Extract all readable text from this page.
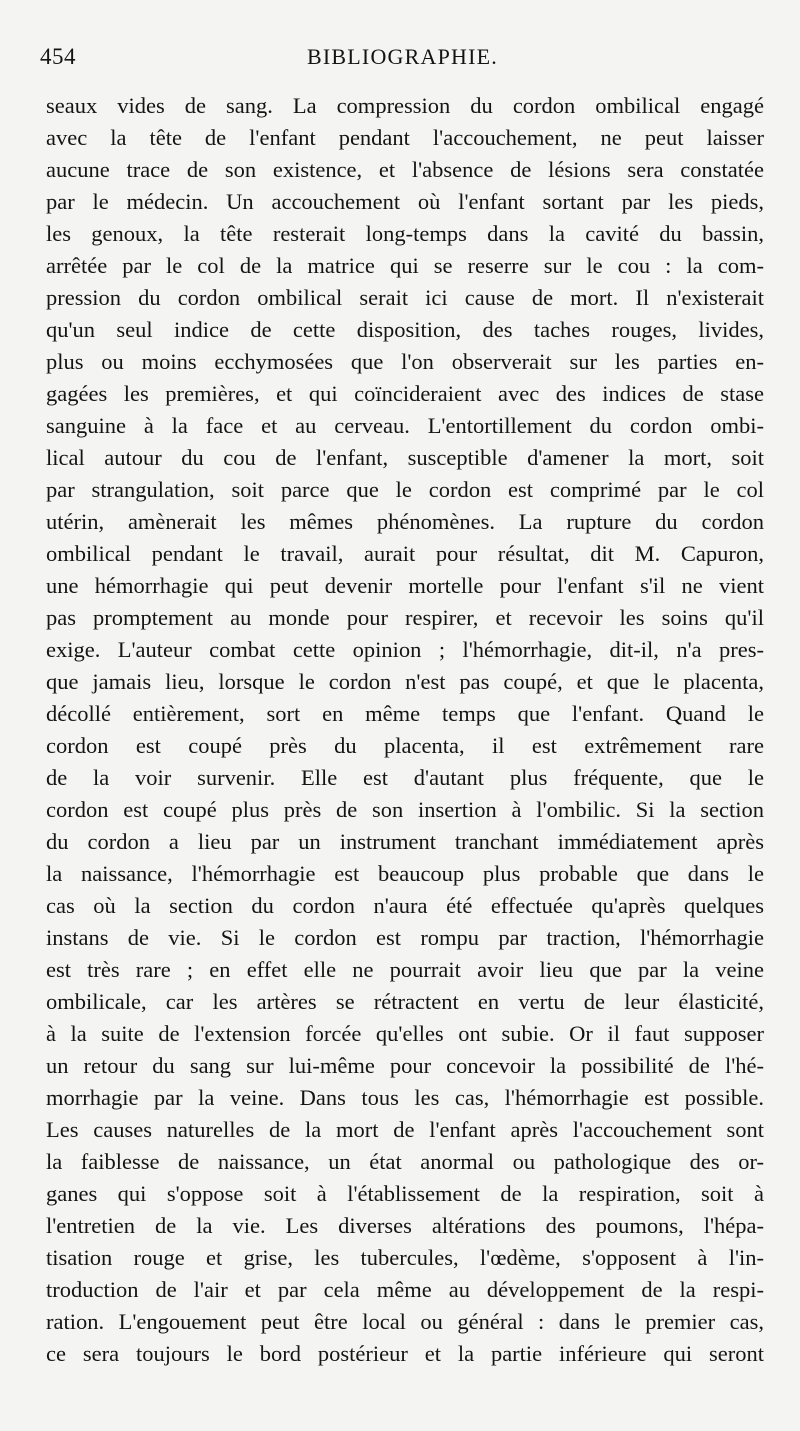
454	BIBLIOGRAPHIE.
seaux vides de sang. La compression du cordon ombilical engagé
avec la tête de l'enfant pendant l'accouchement, ne peut laisser
aucune trace de son existence, et l'absence de lésions sera constatée
par le médecin. Un accouchement où l'enfant sortant par les pieds,
les genoux, la tête resterait long-temps dans la cavité du bassin,
arrêtée par le col de la matrice qui se reserre sur le cou : la com-
pression du cordon ombilical serait ici cause de mort. Il n'existerait
qu'un seul indice de cette disposition, des taches rouges, livides,
plus ou moins ecchymosées que l'on observerait sur les parties en-
gagées les premières, et qui coïncideraient avec des indices de stase
sanguine à la face et au cerveau. L'entortillement du cordon ombi-
lical autour du cou de l'enfant, susceptible d'amener la mort, soit
par strangulation, soit parce que le cordon est comprimé par le col
utérin, amènerait les mêmes phénomènes. La rupture du cordon
ombilical pendant le travail, aurait pour résultat, dit M. Capuron,
une hémorrhagie qui peut devenir mortelle pour l'enfant s'il ne vient
pas promptement au monde pour respirer, et recevoir les soins qu'il
exige. L'auteur combat cette opinion ; l'hémorrhagie, dit-il, n'a pres-
que jamais lieu, lorsque le cordon n'est pas coupé, et que le placenta,
décollé entièrement, sort en même temps que l'enfant. Quand le
cordon est coupé près du placenta, il est extrêmement rare
de la voir survenir. Elle est d'autant plus fréquente, que le
cordon est coupé plus près de son insertion à l'ombilic. Si la section
du cordon a lieu par un instrument tranchant immédiatement après
la naissance, l'hémorrhagie est beaucoup plus probable que dans le
cas où la section du cordon n'aura été effectuée qu'après quelques
instans de vie. Si le cordon est rompu par traction, l'hémorrhagie
est très rare ; en effet elle ne pourrait avoir lieu que par la veine
ombilicale, car les artères se rétractent en vertu de leur élasticité,
à la suite de l'extension forcée qu'elles ont subie. Or il faut supposer
un retour du sang sur lui-même pour concevoir la possibilité de l'hé-
morrhagie par la veine. Dans tous les cas, l'hémorrhagie est possible.
Les causes naturelles de la mort de l'enfant après l'accouchement sont
la faiblesse de naissance, un état anormal ou pathologique des or-
ganes qui s'oppose soit à l'établissement de la respiration, soit à
l'entretien de la vie. Les diverses altérations des poumons, l'hépa-
tisation rouge et grise, les tubercules, l'œdème, s'opposent à l'in-
troduction de l'air et par cela même au développement de la respi-
ration. L'engouement peut être local ou général : dans le premier cas,
ce sera toujours le bord postérieur et la partie inférieure qui seront
